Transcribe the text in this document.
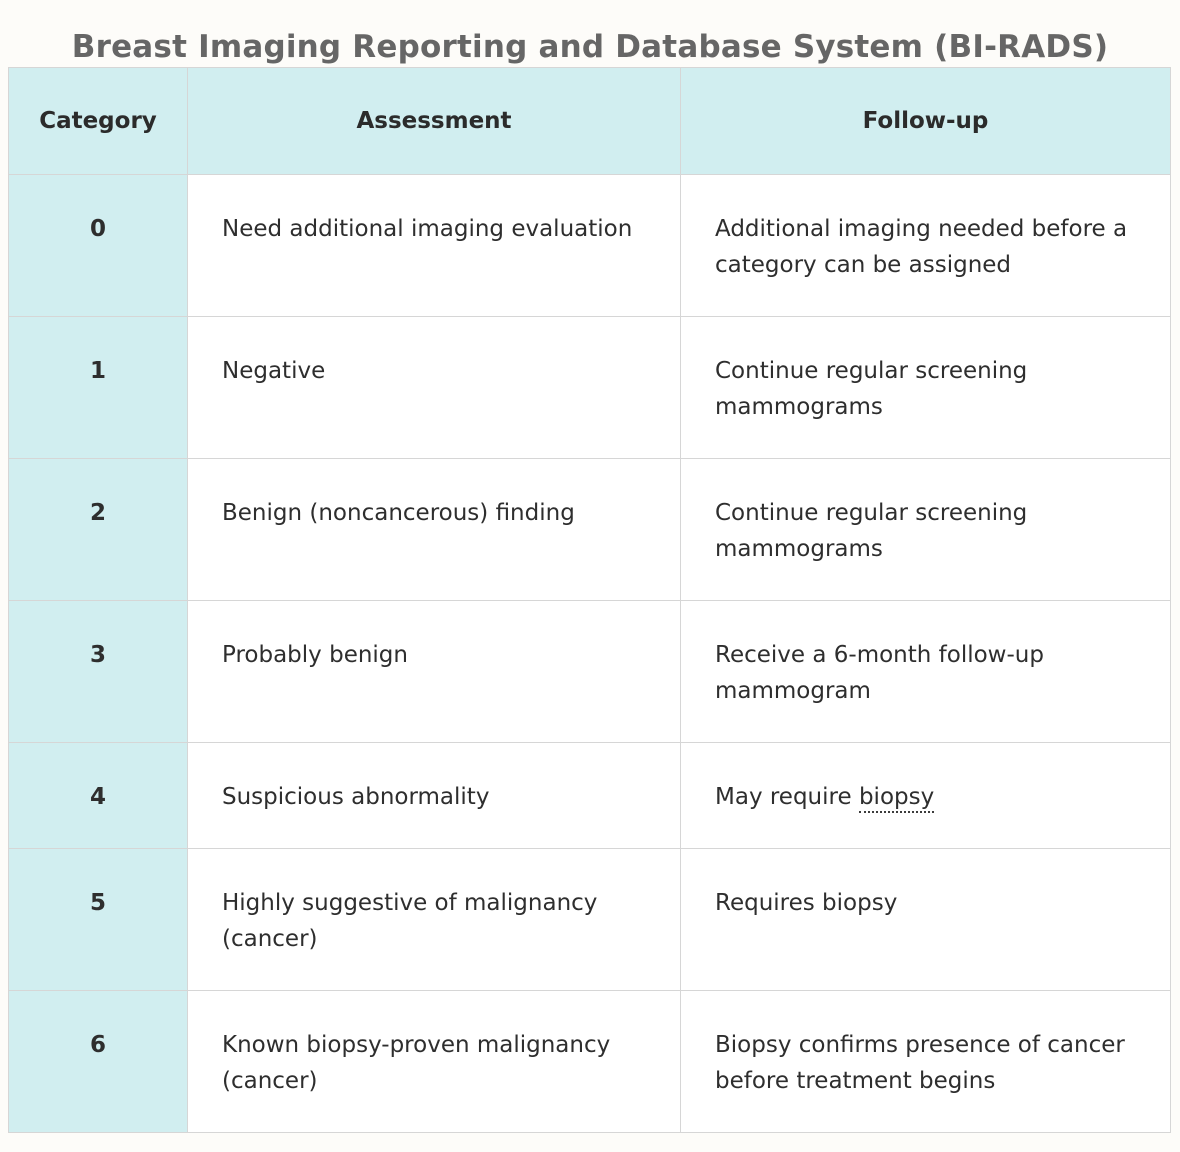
Breast Imaging Reporting and Database System (BI-RADS)
Category	Assessment	Follow-up
0	Need additional imaging evaluation	Additional imaging needed before a category can be assigned
1	Negative	Continue regular screening mammograms
2	Benign (noncancerous) finding	Continue regular screening mammograms
3	Probably benign	Receive a 6-month follow-up mammogram
4	Suspicious abnormality	May require biopsy
5	Highly suggestive of malignancy (cancer)	Requires biopsy
6	Known biopsy-proven malignancy (cancer)	Biopsy confirms presence of cancer before treatment begins
